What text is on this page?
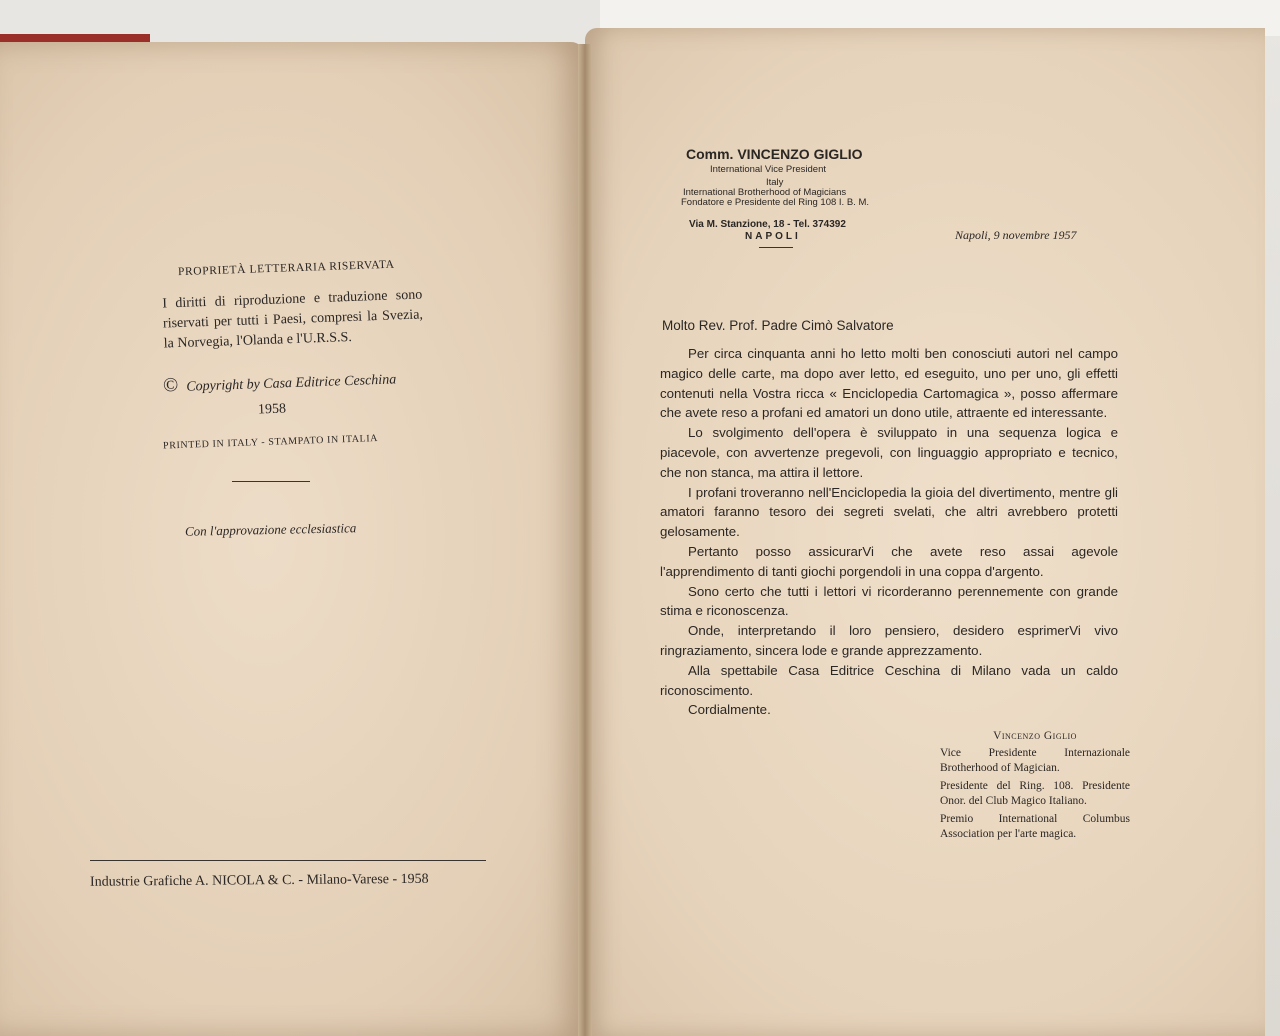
PROPRIETÀ LETTERARIA RISERVATA
I diritti di riproduzione e traduzione sono riservati per tutti i Paesi, compresi la Svezia, la Norvegia, l'Olanda e l'U.R.S.S.
© Copyright by Casa Editrice Ceschina
1958
PRINTED IN ITALY - STAMPATO IN ITALIA
Con l'approvazione ecclesiastica
Industrie Grafiche A. NICOLA & C. - Milano-Varese - 1958
Comm. VINCENZO GIGLIO
International Vice President
Italy
International Brotherhood of Magicians
Fondatore e Presidente del Ring 108 I. B. M.
Via M. Stanzione, 18 - Tel. 374392
NAPOLI	Napoli, 9 novembre 1957
Molto Rev. Prof. Padre Cimò Salvatore

Per circa cinquanta anni ho letto molti ben conosciuti autori nel campo magico delle carte, ma dopo aver letto, ed eseguito, uno per uno, gli effetti contenuti nella Vostra ricca « Enciclopedia Cartomagica », posso affermare che avete reso a profani ed amatori un dono utile, attraente ed interessante.

Lo svolgimento dell'opera è sviluppato in una sequenza logica e piacevole, con avvertenze pregevoli, con linguaggio appropriato e tecnico, che non stanca, ma attira il lettore.

I profani troveranno nell'Enciclopedia la gioia del divertimento, mentre gli amatori faranno tesoro dei segreti svelati, che altri avrebbero protetti gelosamente.

Pertanto posso assicurarVi che avete reso assai agevole l'apprendimento di tanti giochi porgendoli in una coppa d'argento.

Sono certo che tutti i lettori vi ricorderanno perennemente con grande stima e riconoscenza.

Onde, interpretando il loro pensiero, desidero esprimerVi vivo ringraziamento, sincera lode e grande apprezzamento.

Alla spettabile Casa Editrice Ceschina di Milano vada un caldo riconoscimento.

Cordialmente.

Vincenzo Giglio

Vice Presidente Internazionale Brotherhood of Magician.

Presidente del Ring. 108. Presidente Onor. del Club Magico Italiano.

Premio International Columbus Association per l'arte magica.
